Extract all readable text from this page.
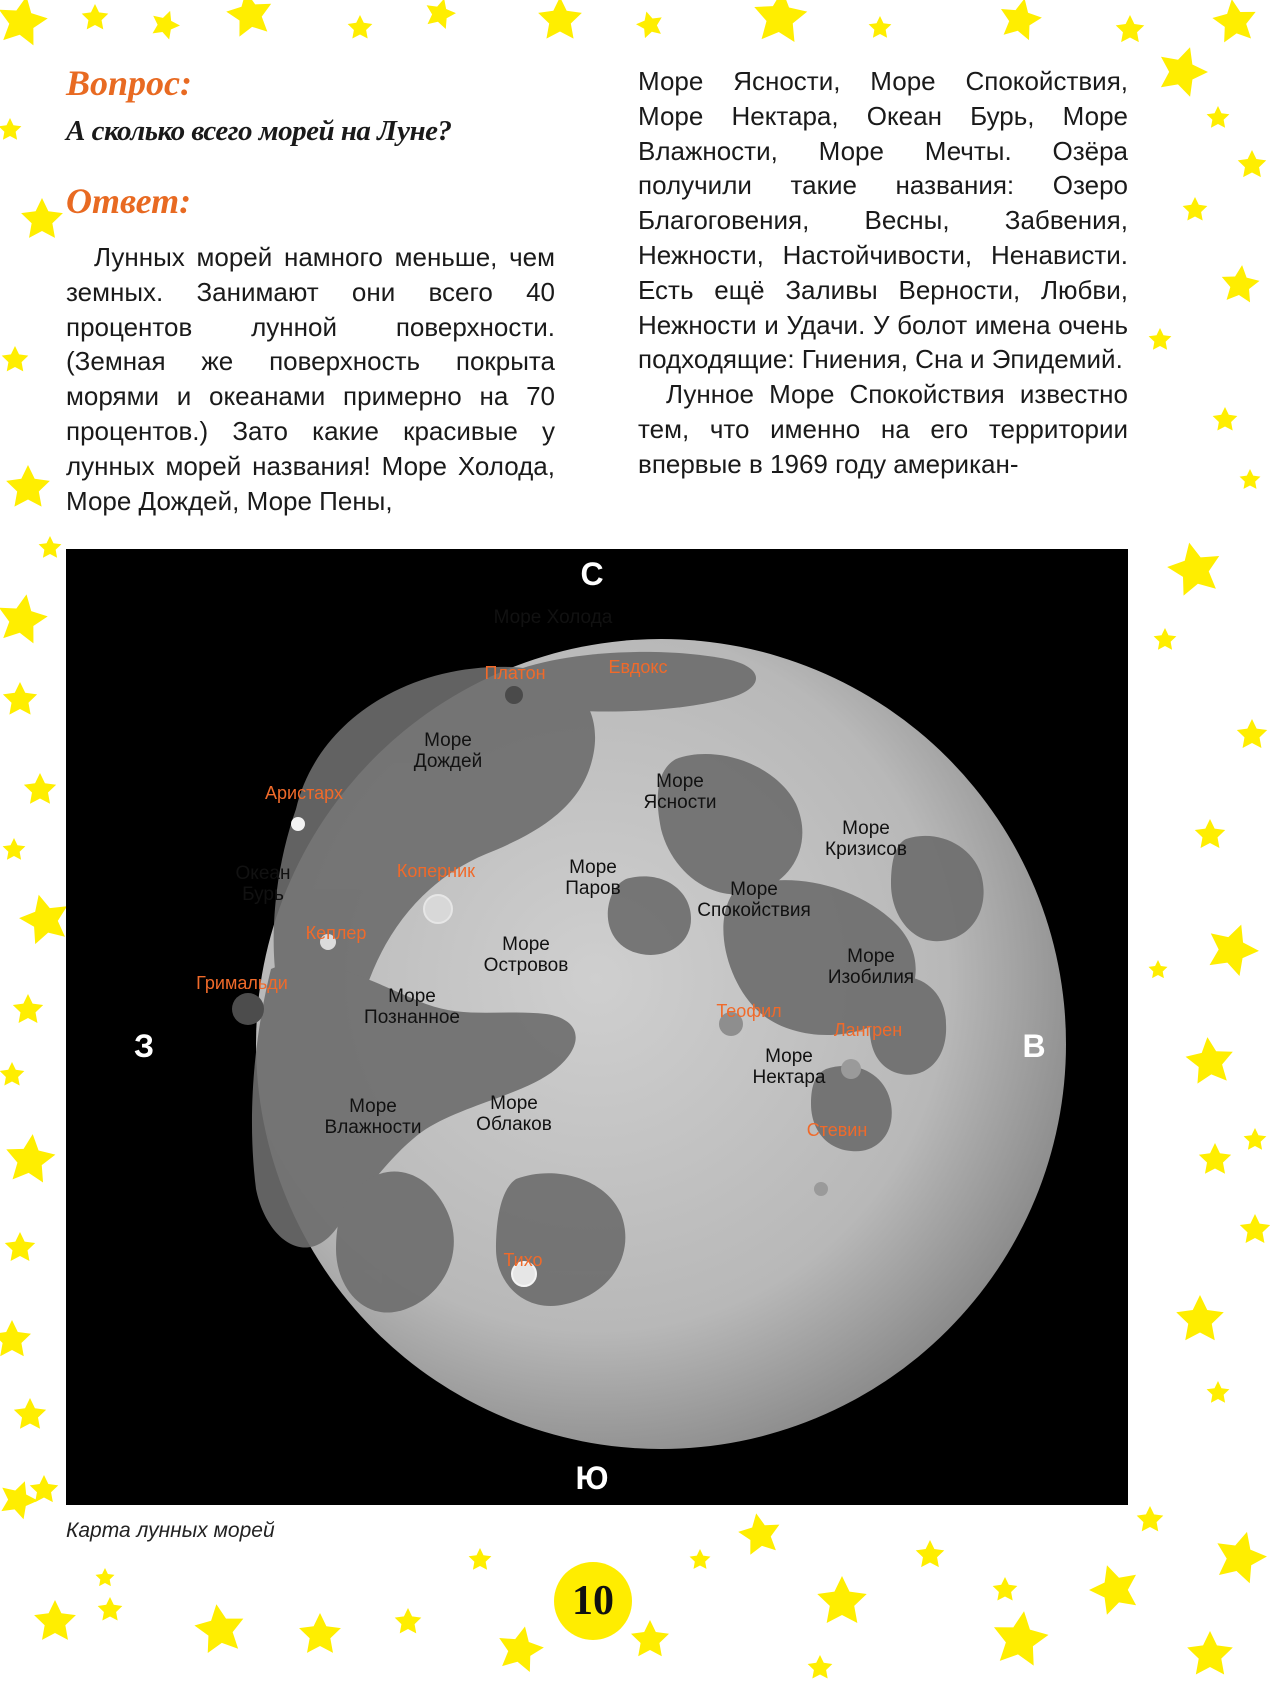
Вопрос:
А сколько всего морей на Луне?
Ответ:

Лунных морей намного меньше, чем земных. Занимают они всего 40 процентов лунной поверхности. (Земная же поверхность покрыта морями и океанами примерно на 70 процентов.) Зато какие красивые у лунных морей названия! Море Холода, Море Дождей, Море Пены,

Море Ясности, Море Спокойствия, Море Нектара, Океан Бурь, Море Влажности, Море Мечты. Озёра получили такие названия: Озеро Благоговения, Весны, Забвения, Нежности, Настойчивости, Ненависти. Есть ещё Заливы Верности, Любви, Нежности и Удачи. У болот имена очень подходящие: Гниения, Сна и Эпидемий.

Лунное Море Спокойствия известно тем, что именно на его территории впервые в 1969 году американ-

С
Ю
З	В
Море Холода
Море Дождей
Море Ясности
Море Кризисов
Океан Бурь
Море Паров	Море Спокойствия
Море Островов	Море Изобилия
Море Познанное
Море Нектара
Море Влажности
Море Облаков
Платон	Евдокс
Аристарх
Коперник
Кеплер
Гримальди
Теофил
Лангрен
Стевин
Тихо

Карта лунных морей

10
